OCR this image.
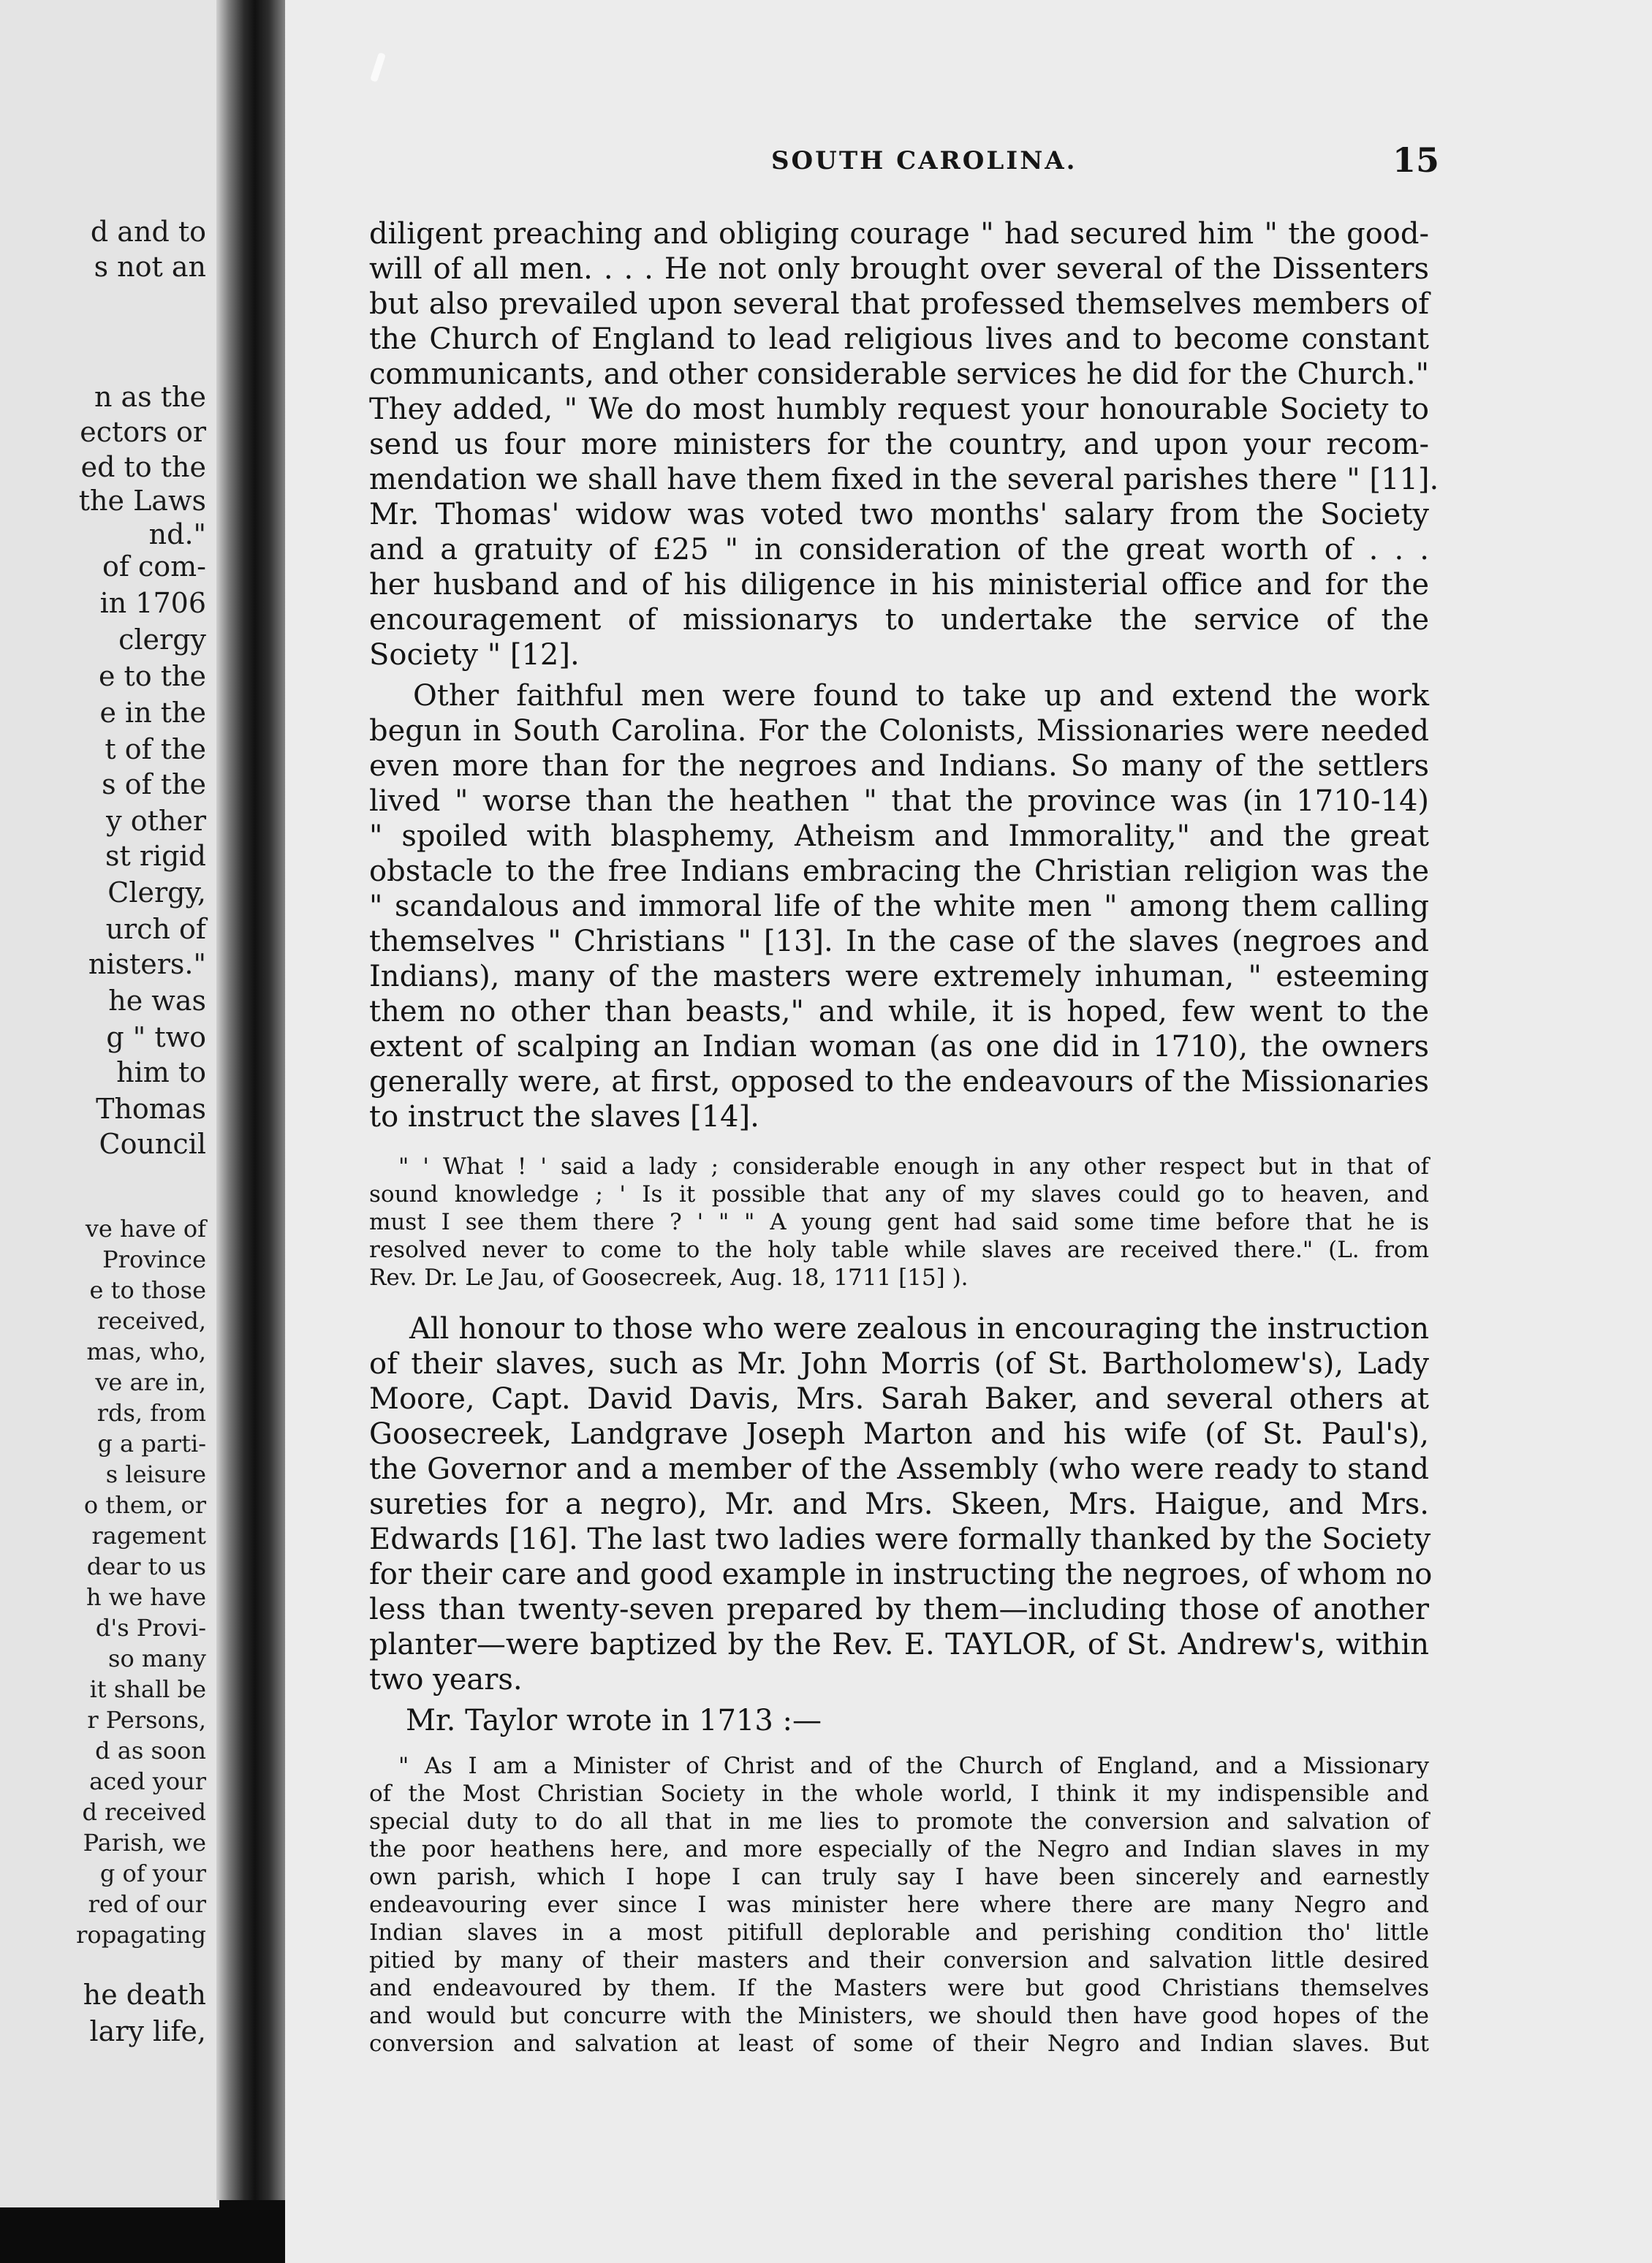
d and to
s not an
n as the
ectors or
ed to the
the Laws
nd."
of com-
in 1706
clergy
e to the
e in the
t of the
s of the
y other
st rigid
Clergy,
urch of
nisters."
he was
g " two
him to
Thomas
Council
ve have of
Province
e to those
received,
mas, who,
ve are in,
rds, from
g a parti-
s leisure
o them, or
ragement
dear to us
h we have
d's Provi-
so many
it shall be
r Persons,
d as soon
aced your
d received
Parish, we
g of your
red of our
ropagating
he death
lary life,
SOUTH CAROLINA.	15
diligent preaching and obliging courage " had secured him " the good-
will of all men. . . . He not only brought over several of the Dissenters
but also prevailed upon several that professed themselves members of
the Church of England to lead religious lives and to become constant
communicants, and other considerable services he did for the Church."
They added, " We do most humbly request your honourable Society to
send us four more ministers for the country, and upon your recom-
mendation we shall have them fixed in the several parishes there " [11].
Mr. Thomas' widow was voted two months' salary from the Society
and a gratuity of £25 " in consideration of the great worth of . . .
her husband and of his diligence in his ministerial office and for the
encouragement of missionarys to undertake the service of the
Society " [12].
Other faithful men were found to take up and extend the work
begun in South Carolina. For the Colonists, Missionaries were needed
even more than for the negroes and Indians. So many of the settlers
lived " worse than the heathen " that the province was (in 1710-14)
" spoiled with blasphemy, Atheism and Immorality," and the great
obstacle to the free Indians embracing the Christian religion was the
" scandalous and immoral life of the white men " among them calling
themselves " Christians " [13]. In the case of the slaves (negroes and
Indians), many of the masters were extremely inhuman, " esteeming
them no other than beasts," and while, it is hoped, few went to the
extent of scalping an Indian woman (as one did in 1710), the owners
generally were, at first, opposed to the endeavours of the Missionaries
to instruct the slaves [14].
" ' What ! ' said a lady ; considerable enough in any other respect but in that of
sound knowledge ; ' Is it possible that any of my slaves could go to heaven, and
must I see them there ? ' " " A young gent had said some time before that he is
resolved never to come to the holy table while slaves are received there." (L. from
Rev. Dr. Le Jau, of Goosecreek, Aug. 18, 1711 [15] ).
All honour to those who were zealous in encouraging the instruction
of their slaves, such as Mr. John Morris (of St. Bartholomew's), Lady
Moore, Capt. David Davis, Mrs. Sarah Baker, and several others at
Goosecreek, Landgrave Joseph Marton and his wife (of St. Paul's),
the Governor and a member of the Assembly (who were ready to stand
sureties for a negro), Mr. and Mrs. Skeen, Mrs. Haigue, and Mrs.
Edwards [16]. The last two ladies were formally thanked by the Society
for their care and good example in instructing the negroes, of whom no
less than twenty-seven prepared by them—including those of another
planter—were baptized by the Rev. E. TAYLOR, of St. Andrew's, within
two years.
Mr. Taylor wrote in 1713 :—
" As I am a Minister of Christ and of the Church of England, and a Missionary
of the Most Christian Society in the whole world, I think it my indispensible and
special duty to do all that in me lies to promote the conversion and salvation of
the poor heathens here, and more especially of the Negro and Indian slaves in my
own parish, which I hope I can truly say I have been sincerely and earnestly
endeavouring ever since I was minister here where there are many Negro and
Indian slaves in a most pitifull deplorable and perishing condition tho' little
pitied by many of their masters and their conversion and salvation little desired
and endeavoured by them. If the Masters were but good Christians themselves
and would but concurre with the Ministers, we should then have good hopes of the
conversion and salvation at least of some of their Negro and Indian slaves. But
